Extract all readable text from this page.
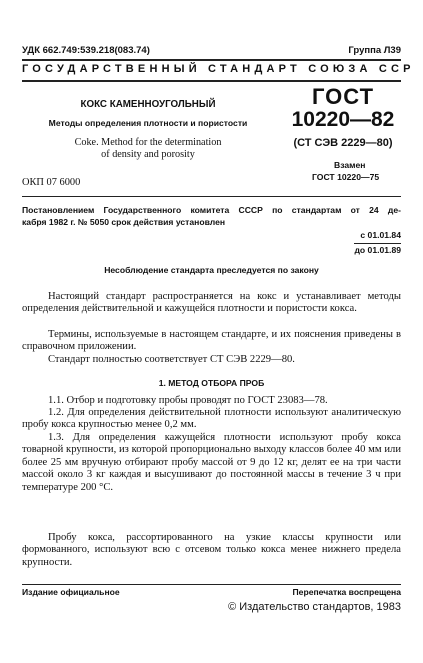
УДК 662.749:539.218(083.74)	Группа Л39
ГОСУДАРСТВЕННЫЙ СТАНДАРТ СОЮЗА ССР
КОКС КАМЕННОУГОЛЬНЫЙ
Методы определения плотности и пористости
Coke. Method for the determination
of density and porosity
ГОСТ
10220—82
(СТ СЭВ 2229—80)
Взамен
ГОСТ 10220—75
ОКП 07 6000
Постановлением Государственного комитета СССР по стандартам от 24 де-
кабря 1982 г. № 5050 срок действия установлен
с 01.01.84
до 01.01.89
Несоблюдение стандарта преследуется по закону
Настоящий стандарт распространяется на кокс и устанавливает методы определения действительной и кажущейся плотности и пористости кокса.
Термины, используемые в настоящем стандарте, и их пояснения приведены в справочном приложении.
Стандарт полностью соответствует СТ СЭВ 2229—80.
1. МЕТОД ОТБОРА ПРОБ
1.1. Отбор и подготовку пробы проводят по ГОСТ 23083—78.
1.2. Для определения действительной плотности используют аналитическую пробу кокса крупностью менее 0,2 мм.
1.3. Для определения кажущейся плотности используют пробу кокса товарной крупности, из которой пропорционально выходу классов более 40 мм или более 25 мм вручную отбирают пробу массой от 9 до 12 кг, делят ее на три части массой около 3 кг каждая и высушивают до постоянной массы в течение 3 ч при температуре 200 °С.
Пробу кокса, рассортированного на узкие классы крупности или формованного, используют всю с отсевом только кокса менее нижнего предела крупности.
Издание официальное	Перепечатка воспрещена
© Издательство стандартов, 1983
